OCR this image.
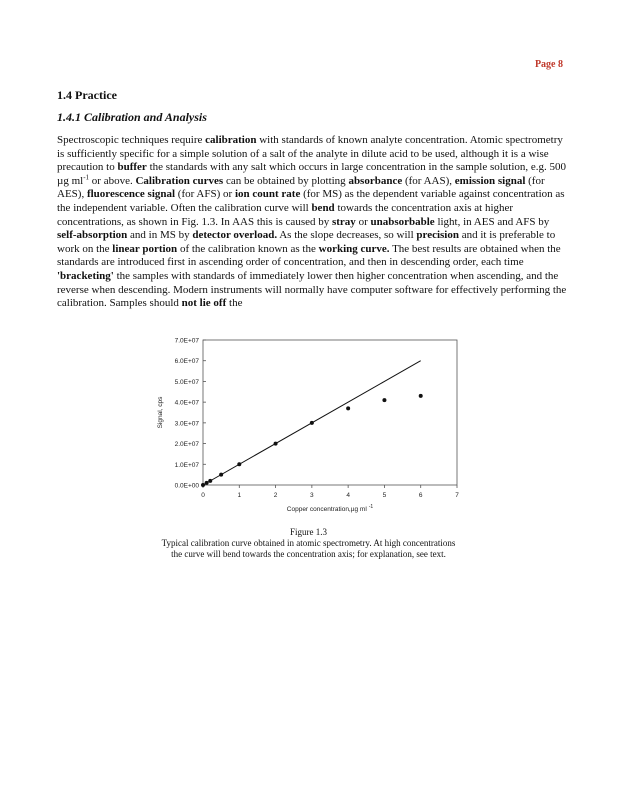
Page 8
1.4 Practice
1.4.1 Calibration and Analysis

Spectroscopic techniques require calibration with standards of known analyte concentration. Atomic spectrometry is sufficiently specific for a simple solution of a salt of the analyte in dilute acid to be used, although it is a wise precaution to buffer the standards with any salt which occurs in large concentration in the sample solution, e.g. 500 µg $ml^{-1}$ or above. Calibration curves can be obtained by plotting absorbance (for AAS), emission signal (for AES), fluorescence signal (for AFS) or ion count rate (for MS) as the dependent variable against concentration as the independent variable. Often the calibration curve will bend towards the concentration axis at higher concentrations, as shown in Fig. 1.3. In AAS this is caused by stray or unabsorbable light, in AES and AFS by self-absorption and in MS by detector overload. As the slope decreases, so will precision and it is preferable to work on the linear portion of the calibration known as the working curve. The best results are obtained when the standards are introduced first in ascending order of concentration, and then in descending order, each time 'bracketing' the samples with standards of immediately lower then higher concentration when ascending, and the reverse when descending. Modern instruments will normally have computer software for effectively performing the calibration. Samples should not lie off the

0.0E+00
1.0E+07
2.0E+07
3.0E+07
4.0E+07
5.0E+07
6.0E+07
7.0E+07
0	1	2	3	4	5	6	7
Copper concentration,µg ml $^{-1}$
Signal, cps
Figure 1.3
Typical calibration curve obtained in atomic spectrometry. At high concentrations
the curve will bend towards the concentration axis; for explanation, see text.
